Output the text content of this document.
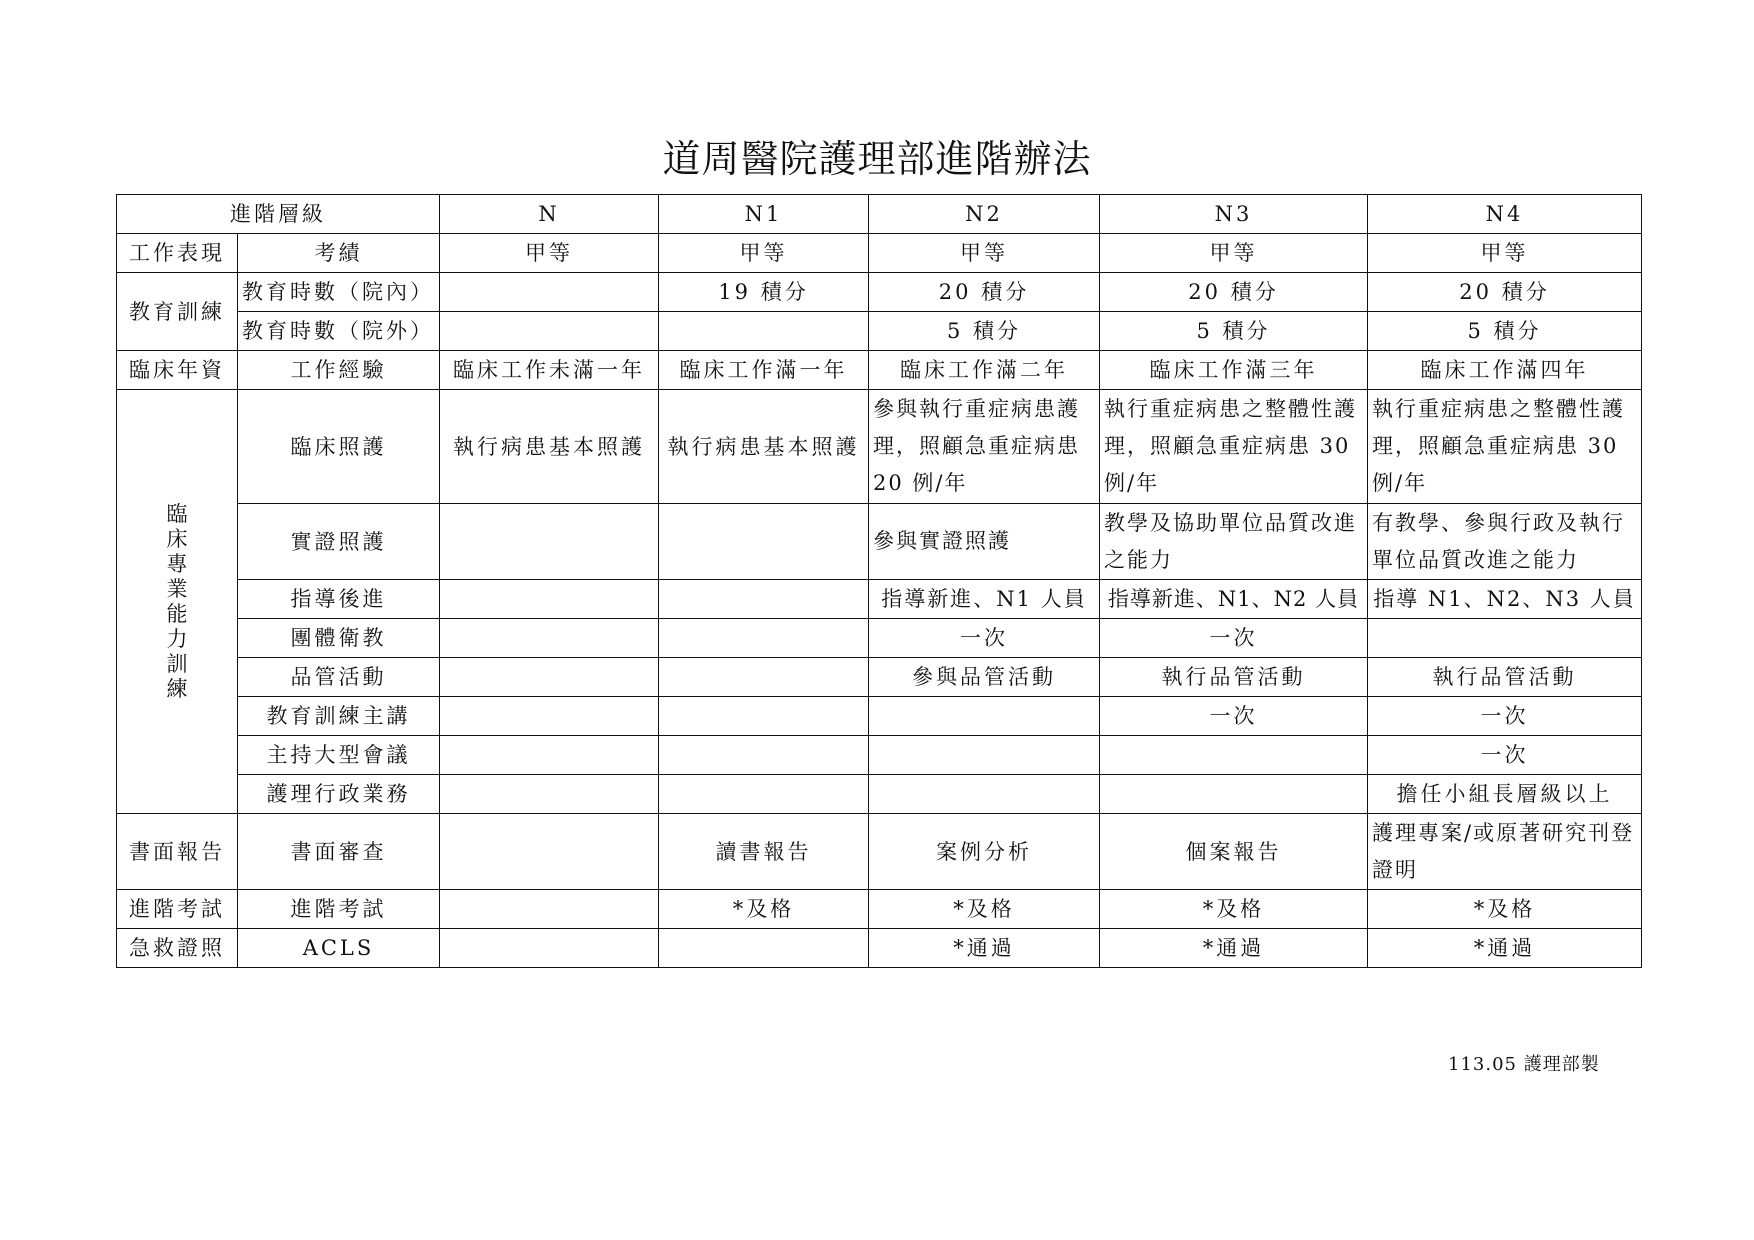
道周醫院護理部進階辦法
進階層級		N	N1	N2	N3	N4
工作表現	考績	甲等	甲等	甲等	甲等	甲等
教育訓練	教育時數（院內）		19 積分	20 積分	20 積分	20 積分
	教育時數（院外）			5 積分	5 積分	5 積分
臨床年資	工作經驗	臨床工作未滿一年	臨床工作滿一年	臨床工作滿二年	臨床工作滿三年	臨床工作滿四年
臨床專業能力訓練	臨床照護	執行病患基本照護	執行病患基本照護	參與執行重症病患護理，照顧急重症病患 20 例/年	執行重症病患之整體性護理，照顧急重症病患 30 例/年	執行重症病患之整體性護理，照顧急重症病患 30 例/年
	實證照護			參與實證照護	教學及協助單位品質改進之能力	有教學、參與行政及執行單位品質改進之能力
	指導後進			指導新進、N1 人員	指導新進、N1、N2 人員	指導 N1、N2、N3 人員
	團體衛教			一次	一次	
	品管活動			參與品管活動	執行品管活動	執行品管活動
	教育訓練主講				一次	一次
	主持大型會議					一次
	護理行政業務					擔任小組長層級以上
書面報告	書面審查		讀書報告	案例分析	個案報告	護理專案/或原著研究刊登證明
進階考試	進階考試		*及格	*及格	*及格	*及格
急救證照	ACLS			*通過	*通過	*通過
113.05 護理部製
